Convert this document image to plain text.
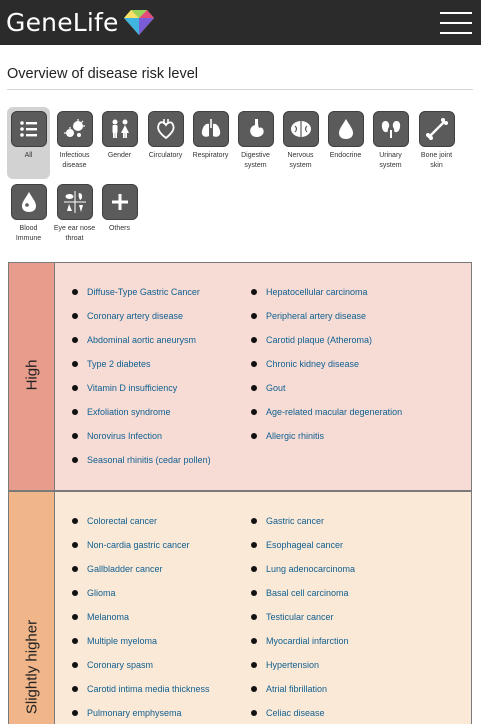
GeneLife
Overview of disease risk level
All	Infectious disease
Gender	Circulatory	Respiratory	Digestive system
Nervous system
Endocrine	Urinary system
Bone joint skin
Blood Immune
Eye ear nose throat
Others
High
Diffuse-Type Gastric Cancer
Coronary artery disease
Abdominal aortic aneurysm
Type 2 diabetes
Vitamin D insufficiency
Exfoliation syndrome
Norovirus Infection
Seasonal rhinitis (cedar pollen)
Hepatocellular carcinoma
Peripheral artery disease
Carotid plaque (Atheroma)
Chronic kidney disease
Gout
Age-related macular degeneration
Allergic rhinitis
Slightly higher
Colorectal cancer
Non-cardia gastric cancer
Gallbladder cancer
Glioma
Melanoma
Multiple myeloma
Coronary spasm
Carotid intima media thickness
Pulmonary emphysema
Gastric cancer
Esophageal cancer
Lung adenocarcinoma
Basal cell carcinoma
Testicular cancer
Myocardial infarction
Hypertension
Atrial fibrillation
Celiac disease
